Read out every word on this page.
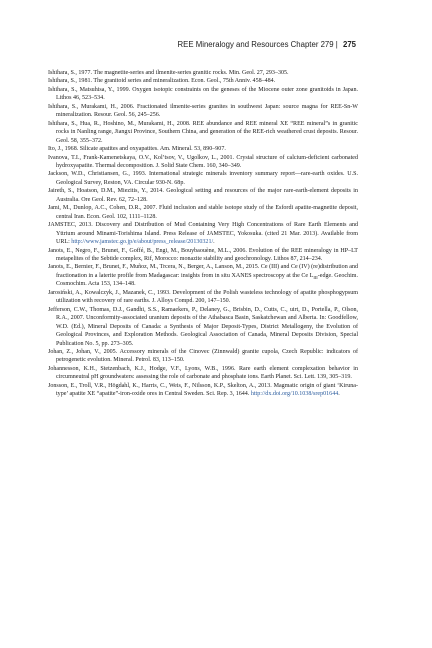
REE Mineralogy and Resources Chapter 279 | 275

Ishihara, S., 1977. The magnetite-series and ilmenite-series granitic rocks. Min. Geol. 27, 293–305.

Ishihara, S., 1981. The granitoid series and mineralization. Econ. Geol., 75th Anniv. 458–484.

Ishihara, S., Matsuhisa, Y., 1999. Oxygen isotopic constraints on the geneses of the Miocene outer zone granitoids in Japan. Lithos 46, 523–534.

Ishihara, S., Murakami, H., 2006. Fractionated ilmenite-series granites in southwest Japan: source magna for REE-Sn-W mineralization. Resour. Geol. 56, 245–256.

Ishihara, S., Hua, R., Hoshino, M., Murakami, H., 2008. REE abundance and REE mineral XE “REE mineral”s in granitic rocks in Nanling range, Jiangxi Province, Southern China, and generation of the REE-rich weathered crust deposits. Resour. Geol. 58, 355–372.

Ito, J., 1968. Silicate apatites and oxyapatites. Am. Mineral. 53, 890–907.

Ivanova, T.I., Frank-Kamenetskaya, O.V., Kol’tsov, V., Ugolkov, L., 2001. Crystal structure of calcium-deficient carbonated hydroxyapatite. Thermal decomposition. J. Solid State Chem. 160, 340–349.

Jackson, W.D., Christiansen, G., 1993. International strategic minerals inventory summary report—rare-earth oxides. U.S. Geological Survey, Reston, VA. Circular 930-N. 68p.

Jaireth, S., Hoatson, D.M., Miezitis, Y., 2014. Geological setting and resources of the major rare-earth-element deposits in Australia. Ore Geol. Rev. 62, 72–128.

Jami, M., Dunlop, A.C., Cohen, D.R., 2007. Fluid inclusion and stable isotope study of the Esfordi apatite-magnetite deposit, central Iran. Econ. Geol. 102, 1111–1128.

JAMSTEC, 2013. Discovery and Distribution of Mud Containing Very High Concentrations of Rare Earth Elements and Yttrium around Minami-Torishima Island. Press Release of JAMSTEC, Yokosuka. (cited 21 Mar. 2013). Available from URL: http://www.jamstec.go.jp/e/about/press_release/20130321/.

Janots, E., Negro, F., Brunet, F., Goffé, B., Engi, M., Bouybaouène, M.L., 2006. Evolution of the REE mineralogy in HP–LT metapelites of the Sebtide complex, Rif, Morocco: monazite stability and geochronology. Lithos 87, 214–234.

Janots, E., Bernier, F., Brunet, F., Muñoz, M., Trcera, N., Berger, A., Lanson, M., 2015. Ce (III) and Ce (IV) (re)distribution and fractionation in a laterite profile from Madagascar: insights from in situ XANES spectroscopy at the Ce $L_{III}$-edge. Geochim. Cosmochim. Acta 153, 134–148.

Jarosiński, A., Kowalczyk, J., Mazanek, C., 1993. Development of the Polish wasteless technology of apatite phosphogypsum utilization with recovery of rare earths. J. Alloys Compd. 200, 147–150.

Jefferson, C.W., Thomas, D.J., Gandhi, S.S., Ramaekers, P., Delaney, G., Brisbin, D., Cutts, C., uirt, D., Portella, P., Olson, R.A., 2007. Unconformity-associated uranium deposits of the Athabasca Basin, Saskatchewan and Alberta. In: Goodfellow, W.D. (Ed.), Mineral Deposits of Canada: a Synthesis of Major Deposit-Types, District Metallogeny, the Evolution of Geological Provinces, and Exploration Methods. Geological Association of Canada, Mineral Deposits Division, Special Publication No. 5, pp. 273–305.

Johan, Z., Johan, V., 2005. Accessory minerals of the Cinovec (Zinnwald) granite cupola, Czech Republic: indicators of petrogenetic evolution. Mineral. Petrol. 83, 113–150.

Johannesson, K.H., Stetzenbach, K.J., Hodge, V.F., Lyons, W.B., 1996. Rare earth element complexation behavior in circumneutral pH groundwaters: assessing the role of carbonate and phosphate ions. Earth Planet. Sci. Lett. 139, 305–319.

Jonsson, E., Troll, V.R., Högdahl, K., Harris, C., Weis, F., Nilsson, K.P., Skelton, A., 2013. Magmatic origin of giant ‘Kiruna-type’ apatite XE “apatite”-iron-oxide ores in Central Sweden. Sci. Rep. 3, 1644. http://dx.doi.org/10.1038/srep01644.
